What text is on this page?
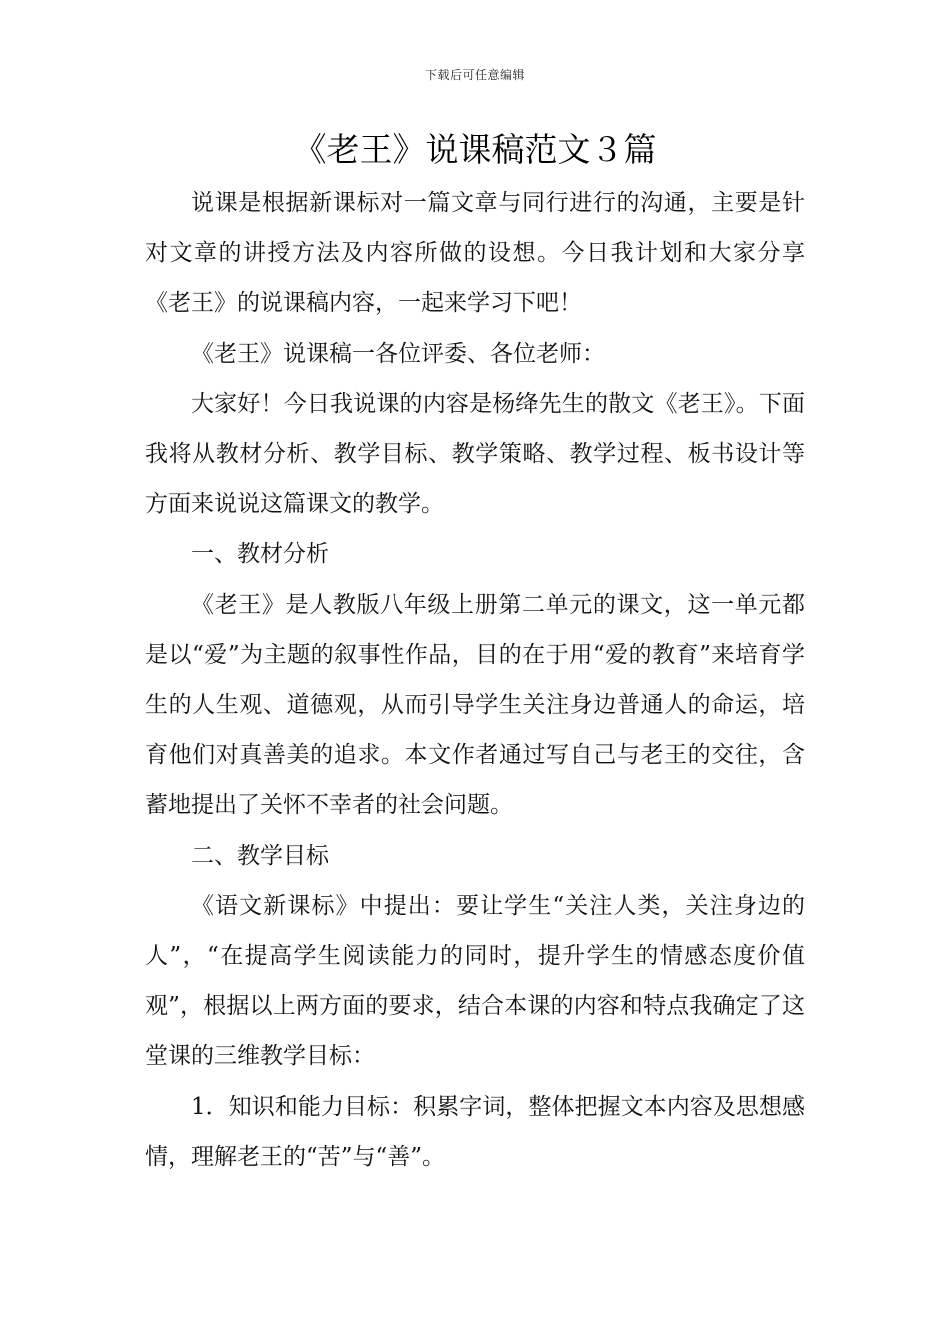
下载后可任意编辑
《老王》说课稿范文３篇

说课是根据新课标对一篇文章与同行进行的沟通，主要是针对文章的讲授方法及内容所做的设想。今日我计划和大家分享《老王》的说课稿内容，一起来学习下吧！

《老王》说课稿一各位评委、各位老师：

大家好！今日我说课的内容是杨绛先生的散文《老王》。下面我将从教材分析、教学目标、教学策略、教学过程、板书设计等方面来说说这篇课文的教学。

一、教材分析

《老王》是人教版八年级上册第二单元的课文，这一单元都是以“爱”为主题的叙事性作品，目的在于用“爱的教育”来培育学生的人生观、道德观，从而引导学生关注身边普通人的命运，培育他们对真善美的追求。本文作者通过写自己与老王的交往，含蓄地提出了关怀不幸者的社会问题。

二、教学目标

《语文新课标》中提出：要让学生“关注人类，关注身边的人”，“在提高学生阅读能力的同时，提升学生的情感态度价值观”，根据以上两方面的要求，结合本课的内容和特点我确定了这堂课的三维教学目标：

1．知识和能力目标：积累字词，整体把握文本内容及思想感情，理解老王的“苦”与“善”。
